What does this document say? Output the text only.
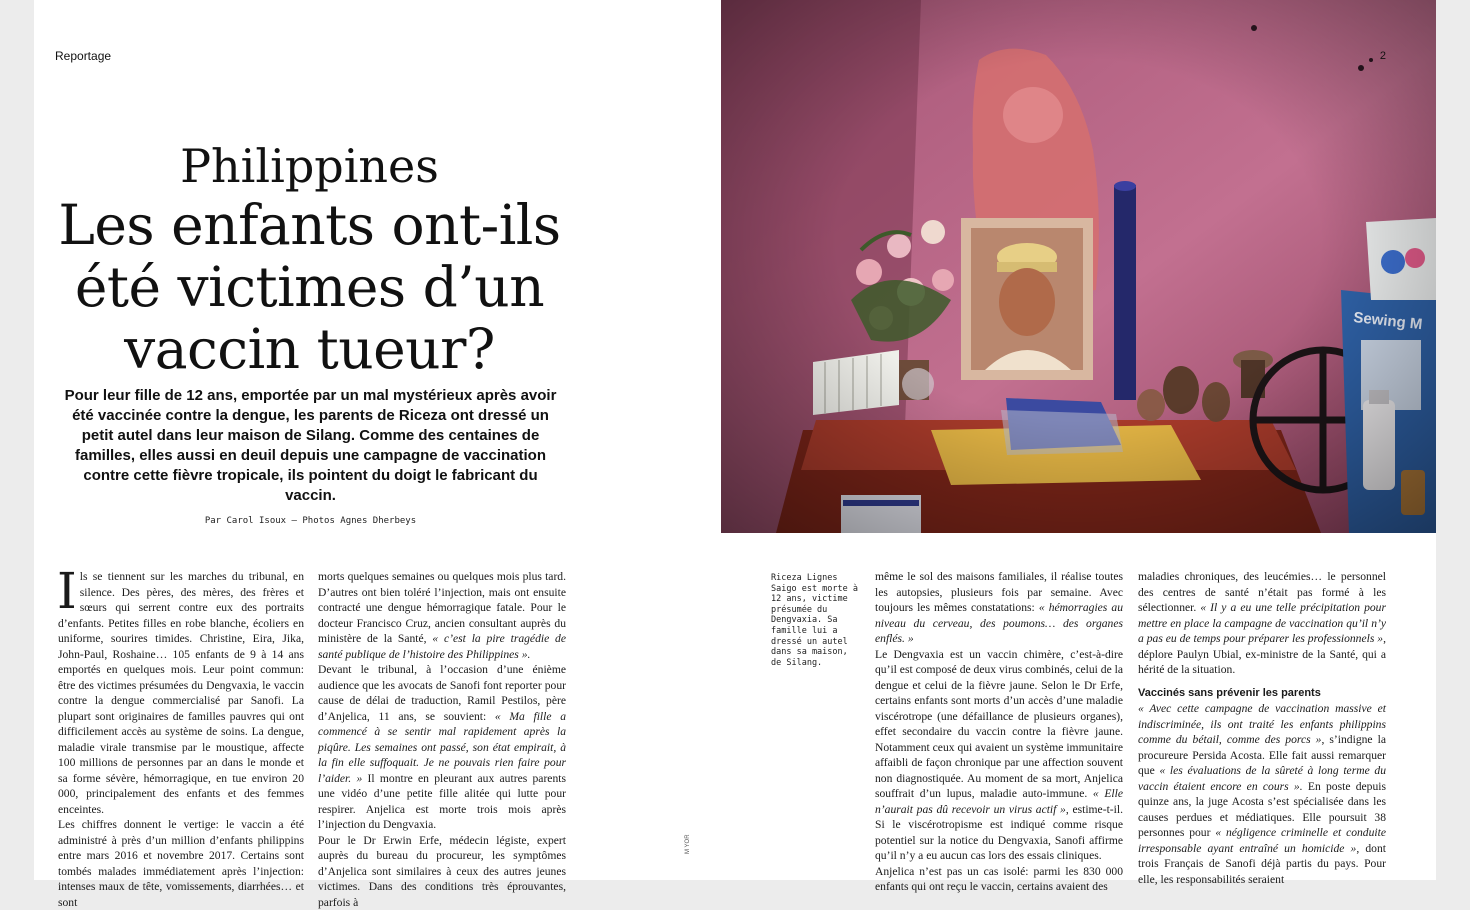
Reportage
Philippines
Les enfants ont-ils été victimes d’un vaccin tueur?

Pour leur fille de 12 ans, emportée par un mal mystérieux après avoir été vaccinée contre la dengue, les parents de Riceza ont dressé un petit autel dans leur maison de Silang. Comme des centaines de familles, elles aussi en deuil depuis une campagne de vaccination contre cette fièvre tropicale, ils pointent du doigt le fabricant du vaccin.

Par Carol Isoux — Photos Agnes Dherbeys

Ils se tiennent sur les marches du tribunal, en silence. Des pères, des mères, des frères et sœurs qui serrent contre eux des portraits d’enfants. Petites filles en robe blanche, écoliers en uniforme, sourires timides. Christine, Eira, Jika, John-Paul, Roshaine… 105 enfants de 9 à 14 ans emportés en quelques mois. Leur point commun: être des victimes présumées du Dengvaxia, le vaccin contre la dengue commercialisé par Sanofi. La plupart sont originaires de familles pauvres qui ont difficilement accès au système de soins. La dengue, maladie virale transmise par le moustique, affecte 100 millions de personnes par an dans le monde et sa forme sévère, hémorragique, en tue environ 20 000, principalement des enfants et des femmes enceintes.

Les chiffres donnent le vertige: le vaccin a été administré à près d’un million d’enfants philippins entre mars 2016 et novembre 2017. Certains sont tombés malades immédiatement après l’injection: intenses maux de tête, vomissements, diarrhées… et sont

morts quelques semaines ou quelques mois plus tard. D’autres ont bien toléré l’injection, mais ont ensuite contracté une dengue hémorragique fatale. Pour le docteur Francisco Cruz, ancien consultant auprès du ministère de la Santé, « c’est la pire tragédie de santé publique de l’histoire des Philippines ».

Devant le tribunal, à l’occasion d’une énième audience que les avocats de Sanofi font reporter pour cause de délai de traduction, Ramil Pestilos, père d’Anjelica, 11 ans, se souvient: « Ma fille a commencé à se sentir mal rapidement après la piqûre. Les semaines ont passé, son état empirait, à la fin elle suffoquait. Je ne pouvais rien faire pour l’aider. » Il montre en pleurant aux autres parents une vidéo d’une petite fille alitée qui lutte pour respirer. Anjelica est morte trois mois après l’injection du Dengvaxia.

Pour le Dr Erwin Erfe, médecin légiste, expert auprès du bureau du procureur, les symptômes d’Anjelica sont similaires à ceux des autres jeunes victimes. Dans des conditions très éprouvantes, parfois à

M YOR
2

Riceza Lignes Saigo est morte à 12 ans, victime présumée du Dengvaxia. Sa famille lui a dressé un autel dans sa maison, de Silang.

même le sol des maisons familiales, il réalise toutes les autopsies, plusieurs fois par semaine. Avec toujours les mêmes constatations: « hémorragies au niveau du cerveau, des poumons… des organes enflés. »

Le Dengvaxia est un vaccin chimère, c’est-à-dire qu’il est composé de deux virus combinés, celui de la dengue et celui de la fièvre jaune. Selon le Dr Erfe, certains enfants sont morts d’un accès d’une maladie viscérotrope (une défaillance de plusieurs organes), effet secondaire du vaccin contre la fièvre jaune. Notamment ceux qui avaient un système immunitaire affaibli de façon chronique par une affection souvent non diagnostiquée. Au moment de sa mort, Anjelica souffrait d’un lupus, maladie auto-immune. « Elle n’aurait pas dû recevoir un virus actif », estime-t-il. Si le viscérotropisme est indiqué comme risque potentiel sur la notice du Dengvaxia, Sanofi affirme qu’il n’y a eu aucun cas lors des essais cliniques.

Anjelica n’est pas un cas isolé: parmi les 830 000 enfants qui ont reçu le vaccin, certains avaient des

maladies chroniques, des leucémies… le personnel des centres de santé n’était pas formé à les sélectionner. « Il y a eu une telle précipitation pour mettre en place la campagne de vaccination qu’il n’y a pas eu de temps pour préparer les professionnels », déplore Paulyn Ubial, ex-ministre de la Santé, qui a hérité de la situation.

Vaccinés sans prévenir les parents

« Avec cette campagne de vaccination massive et indiscriminée, ils ont traité les enfants philippins comme du bétail, comme des porcs », s’indigne la procureure Persida Acosta. Elle fait aussi remarquer que « les évaluations de la sûreté à long terme du vaccin étaient encore en cours ». En poste depuis quinze ans, la juge Acosta s’est spécialisée dans les causes perdues et médiatiques. Elle poursuit 38 personnes pour « négligence criminelle et conduite irresponsable ayant entraîné un homicide », dont trois Français de Sanofi déjà partis du pays. Pour elle, les responsabilités seraient
